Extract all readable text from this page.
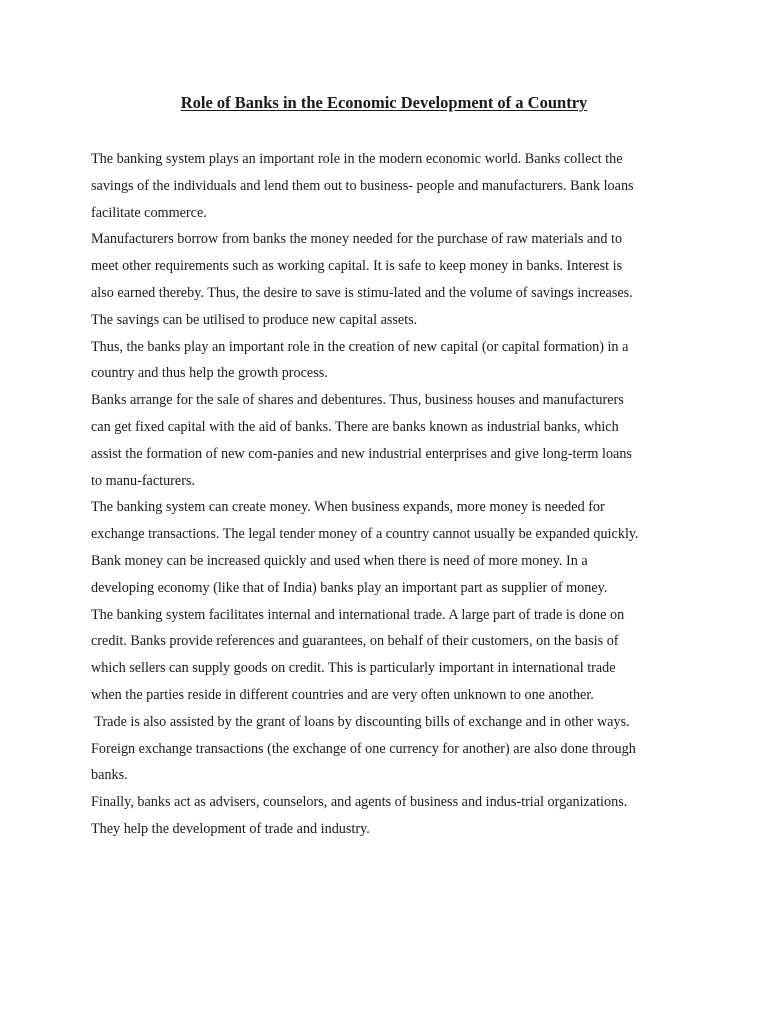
Role of Banks in the Economic Development of a Country
The banking system plays an important role in the modern economic world. Banks collect the
savings of the individuals and lend them out to business- people and manufacturers. Bank loans
facilitate commerce.
Manufacturers borrow from banks the money needed for the purchase of raw materials and to
meet other requirements such as working capital. It is safe to keep money in banks. Interest is
also earned thereby. Thus, the desire to save is stimu-lated and the volume of savings increases.
The savings can be utilised to produce new capital assets.
Thus, the banks play an important role in the creation of new capital (or capital formation) in a
country and thus help the growth process.
Banks arrange for the sale of shares and debentures. Thus, business houses and manufacturers
can get fixed capital with the aid of banks. There are banks known as industrial banks, which
assist the formation of new com-panies and new industrial enterprises and give long-term loans
to manu-facturers.
The banking system can create money. When business expands, more money is needed for
exchange transactions. The legal tender money of a country cannot usually be expanded quickly.
Bank money can be increased quickly and used when there is need of more money. In a
developing economy (like that of India) banks play an important part as supplier of money.
The banking system facilitates internal and international trade. A large part of trade is done on
credit. Banks provide references and guarantees, on behalf of their customers, on the basis of
which sellers can supply goods on credit. This is particularly important in international trade
when the parties reside in different countries and are very often unknown to one another.
Trade is also assisted by the grant of loans by discounting bills of exchange and in other ways.
Foreign exchange transactions (the exchange of one currency for another) are also done through
banks.
Finally, banks act as advisers, counselors, and agents of business and indus-trial organizations.
They help the development of trade and industry.
